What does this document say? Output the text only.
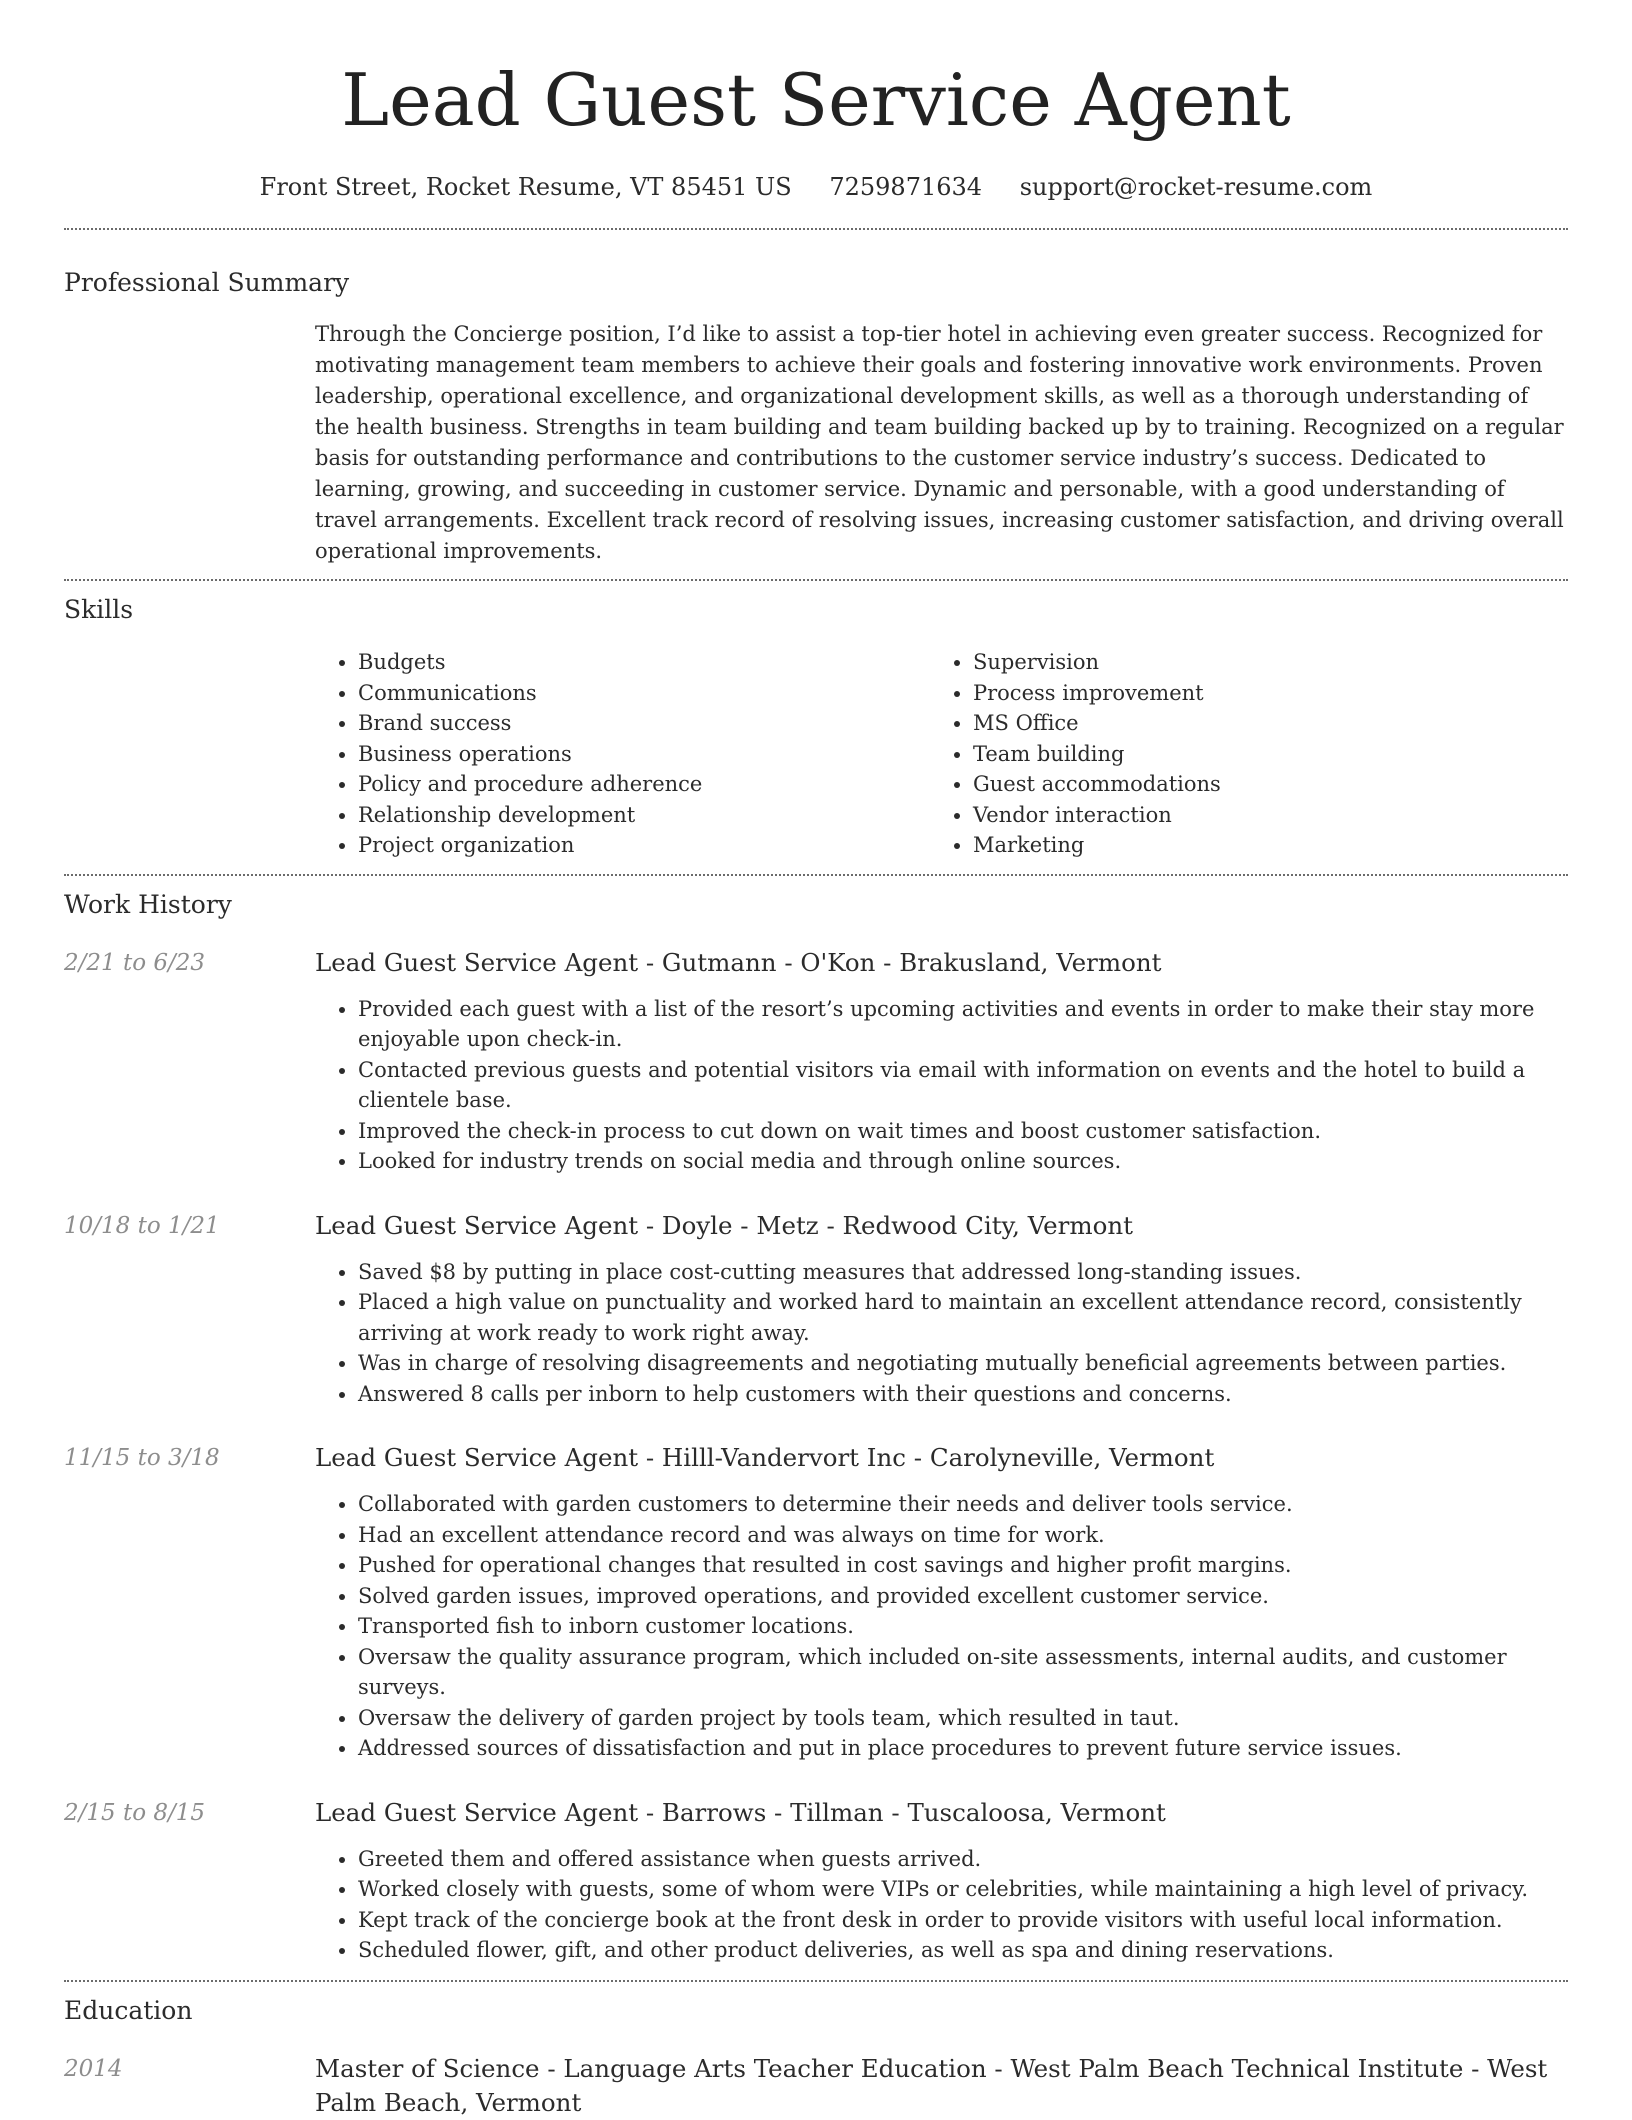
Lead Guest Service Agent
Front Street, Rocket Resume, VT 85451 US 7259871634 support@rocket-resume.com
Professional Summary

Through the Concierge position, I’d like to assist a top-tier hotel in achieving even greater success. Recognized for motivating management team members to achieve their goals and fostering innovative work environments. Proven leadership, operational excellence, and organizational development skills, as well as a thorough understanding of the health business. Strengths in team building and team building backed up by to training. Recognized on a regular basis for outstanding performance and contributions to the customer service industry’s success. Dedicated to learning, growing, and succeeding in customer service. Dynamic and personable, with a good understanding of travel arrangements. Excellent track record of resolving issues, increasing customer satisfaction, and driving overall operational improvements.

Skills
• Budgets
• Communications
• Brand success
• Business operations
• Policy and procedure adherence
• Relationship development
• Project organization
• Supervision
• Process improvement
• MS Office
• Team building
• Guest accommodations
• Vendor interaction
• Marketing
Work History
2/21 to 6/23	Lead Guest Service Agent - Gutmann - O'Kon - Brakusland, Vermont
• Provided each guest with a list of the resort’s upcoming activities and events in order to make their stay more enjoyable upon check-in.
• Contacted previous guests and potential visitors via email with information on events and the hotel to build a clientele base.
• Improved the check-in process to cut down on wait times and boost customer satisfaction.
• Looked for industry trends on social media and through online sources.
10/18 to 1/21	Lead Guest Service Agent - Doyle - Metz - Redwood City, Vermont
• Saved $8 by putting in place cost-cutting measures that addressed long-standing issues.
• Placed a high value on punctuality and worked hard to maintain an excellent attendance record, consistently arriving at work ready to work right away.
• Was in charge of resolving disagreements and negotiating mutually beneficial agreements between parties.
• Answered 8 calls per inborn to help customers with their questions and concerns.
11/15 to 3/18	Lead Guest Service Agent - Hilll-Vandervort Inc - Carolyneville, Vermont
• Collaborated with garden customers to determine their needs and deliver tools service.
• Had an excellent attendance record and was always on time for work.
• Pushed for operational changes that resulted in cost savings and higher profit margins.
• Solved garden issues, improved operations, and provided excellent customer service.
• Transported fish to inborn customer locations.
• Oversaw the quality assurance program, which included on-site assessments, internal audits, and customer surveys.
• Oversaw the delivery of garden project by tools team, which resulted in taut.
• Addressed sources of dissatisfaction and put in place procedures to prevent future service issues.
2/15 to 8/15	Lead Guest Service Agent - Barrows - Tillman - Tuscaloosa, Vermont
• Greeted them and offered assistance when guests arrived.
• Worked closely with guests, some of whom were VIPs or celebrities, while maintaining a high level of privacy.
• Kept track of the concierge book at the front desk in order to provide visitors with useful local information.
• Scheduled flower, gift, and other product deliveries, as well as spa and dining reservations.
Education
2014	Master of Science - Language Arts Teacher Education - West Palm Beach Technical Institute - West Palm Beach, Vermont
